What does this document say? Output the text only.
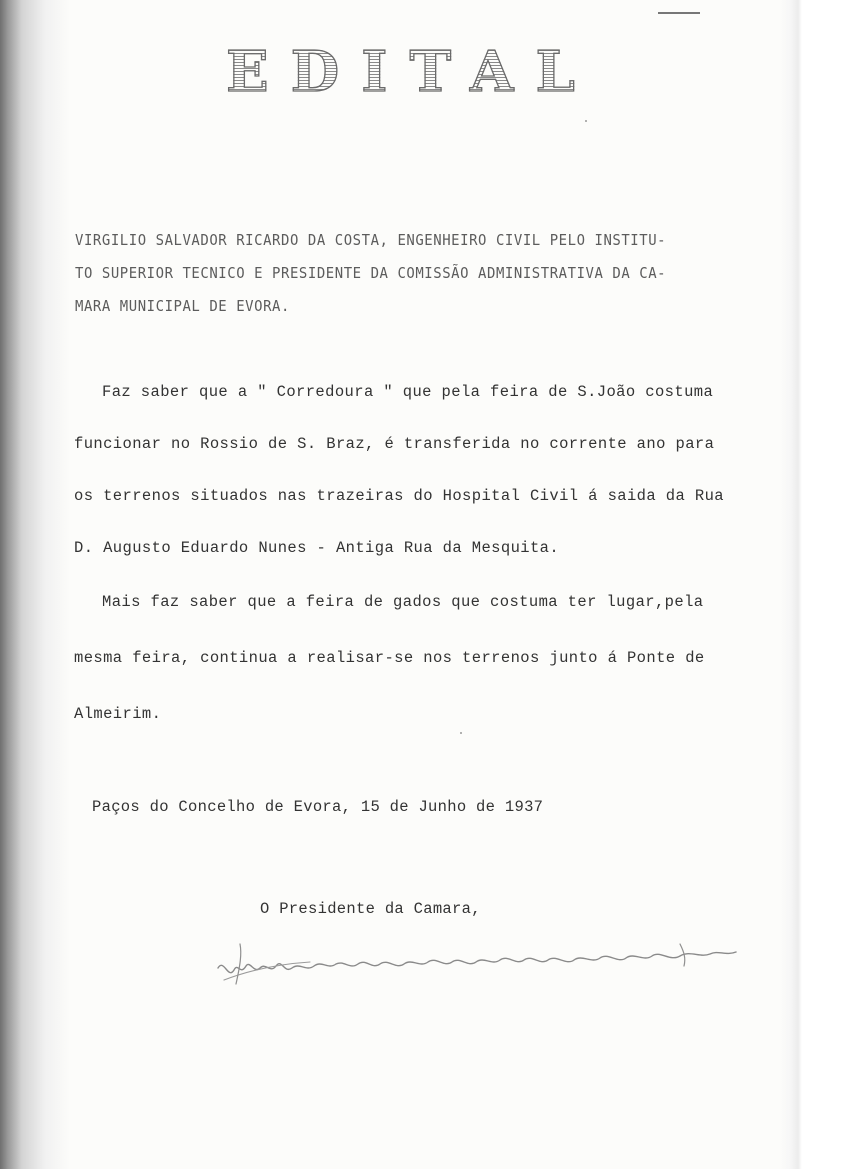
EDITAL
VIRGILIO SALVADOR RICARDO DA COSTA, ENGENHEIRO CIVIL PELO INSTITU-
TO SUPERIOR TECNICO E PRESIDENTE DA COMISSÃO ADMINISTRATIVA DA CA-
MARA MUNICIPAL DE EVORA.
Faz saber que a " Corredoura " que pela feira de S.João costuma
funcionar no Rossio de S. Braz, é transferida no corrente ano para
os terrenos situados nas trazeiras do Hospital Civil á saida da Rua
D. Augusto Eduardo Nunes - Antiga Rua da Mesquita.
Mais faz saber que a feira de gados que costuma ter lugar,pela
mesma feira, continua a realisar-se nos terrenos junto á Ponte de
Almeirim.
Paços do Concelho de Evora, 15 de Junho de 1937
O Presidente da Camara,
